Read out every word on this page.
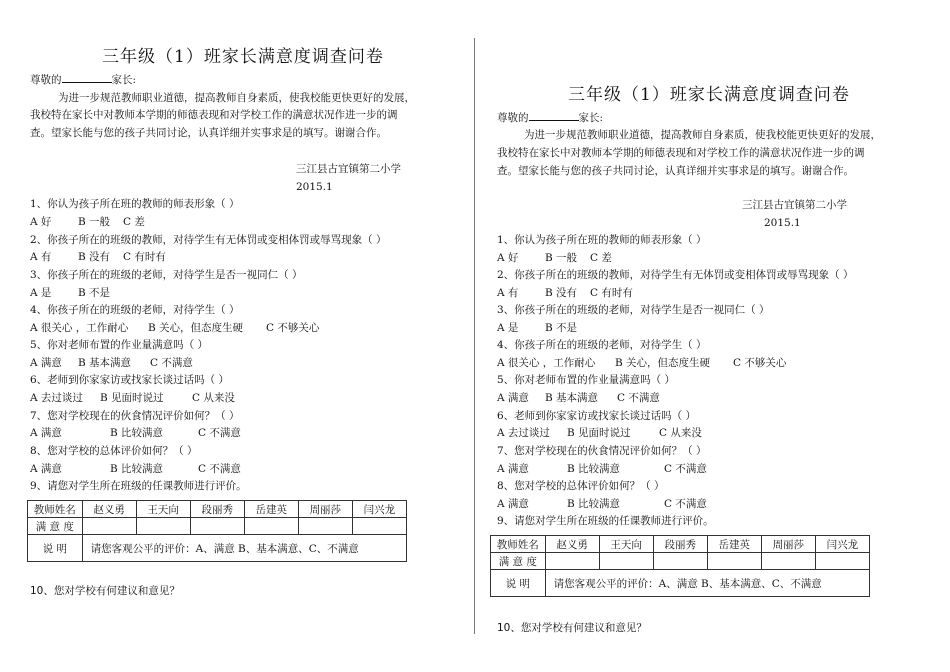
三年级（1）班家长满意度调查问卷
尊敬的	家长:
为进一步规范教师职业道德，提高教师自身素质，使我校能更快更好的发展，
我校特在家长中对教师本学期的师德表现和对学校工作的满意状况作进一步的调
查。望家长能与您的孩子共同讨论，认真详细并实事求是的填写。谢谢合作。
三江县古宜镇第二小学
2015.1
1、你认为孩子所在班的教师的师表形象（ ）
A 好	B 一般 C 差
2、你孩子所在的班级的教师，对待学生有无体罚或变相体罚或辱骂现象（ ）
A 有	B 没有 C 有时有
3、你孩子所在的班级的老师，对待学生是否一视同仁（ ）
A 是	B 不是
4、你孩子所在的班级的老师，对待学生（ ）
A 很关心 ，工作耐心 B 关心，但态度生硬 C 不够关心
5、你对老师布置的作业量满意吗（ ）
A 满意 B 基本满意 C 不满意
6、老师到你家家访或找家长谈过话吗（ ）
A 去过谈过 B 见面时说过	C 从来没
7、您对学校现在的伙食情况评价如何？（ ）
A 满意	B 比较满意	C 不满意
8、您对学校的总体评价如何？（ ）
A 满意	B 比较满意	C 不满意
9、请您对学生所在班级的任课教师进行评价。
教师姓名	赵义勇	王天向	段丽秀	岳建英	周丽莎	闫兴龙
满 意 度						
说 明	请您客观公平的评价：A、满意 B、基本满意、C、不满意					
10、您对学校有何建议和意见？
三年级（1）班家长满意度调查问卷
尊敬的	家长:
为进一步规范教师职业道德，提高教师自身素质，使我校能更快更好的发展，
我校特在家长中对教师本学期的师德表现和对学校工作的满意状况作进一步的调
查。望家长能与您的孩子共同讨论，认真详细并实事求是的填写。谢谢合作。
三江县古宜镇第二小学
2015.1
1、你认为孩子所在班的教师的师表形象（ ）
A 好	B 一般 C 差
2、你孩子所在的班级的教师，对待学生有无体罚或变相体罚或辱骂现象（ ）
A 有	B 没有 C 有时有
3、你孩子所在的班级的老师，对待学生是否一视同仁（ ）
A 是	B 不是
4、你孩子所在的班级的老师，对待学生（ ）
A 很关心 ，工作耐心 B 关心，但态度生硬 C 不够关心
5、你对老师布置的作业量满意吗（ ）
A 满意 B 基本满意 C 不满意
6、老师到你家家访或找家长谈过话吗（ ）
A 去过谈过 B 见面时说过	C 从来没
7、您对学校现在的伙食情况评价如何？（ ）
A 满意	B 比较满意	C 不满意
8、您对学校的总体评价如何？（ ）
A 满意	B 比较满意	C 不满意
9、请您对学生所在班级的任课教师进行评价。
教师姓名	赵义勇	王天向	段丽秀	岳建英	周丽莎	闫兴龙
满 意 度						
说 明	请您客观公平的评价：A、满意 B、基本满意、C、不满意					
10、您对学校有何建议和意见？
